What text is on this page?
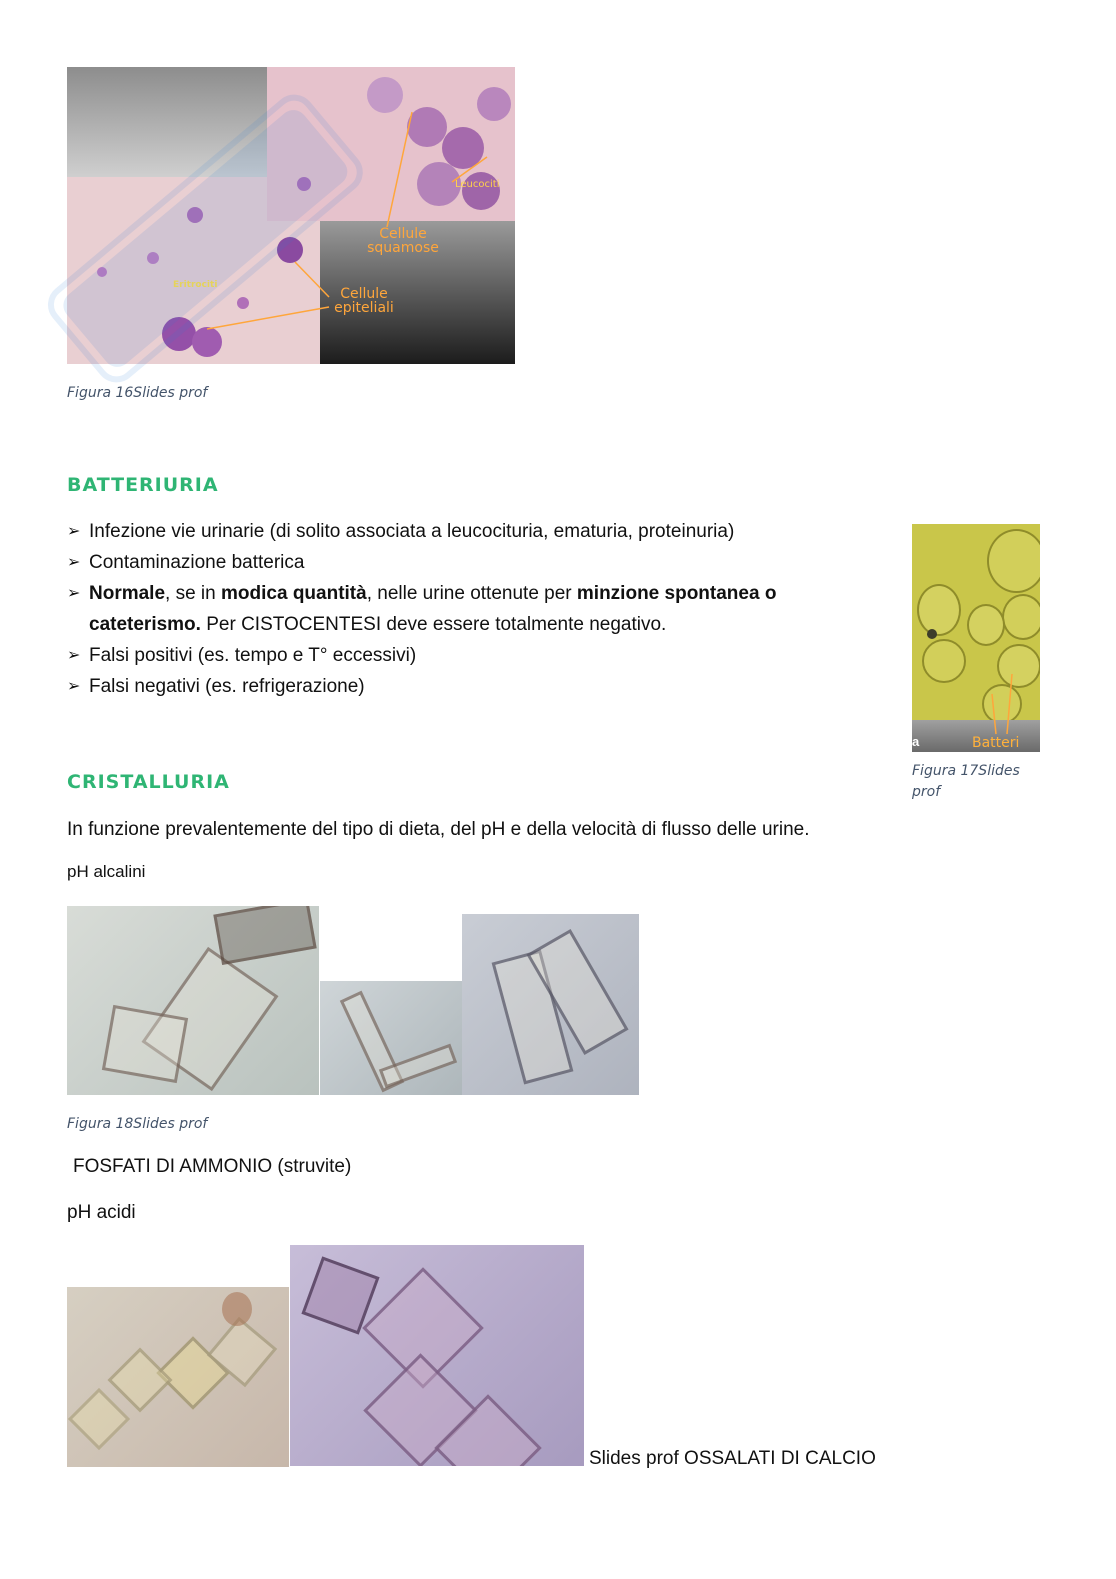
Leucociti
Cellule squamose
Eritrociti
Cellule epiteliali
Figura 16Slides prof
BATTERIURIA
➢ Infezione vie urinarie (di solito associata a leucocituria, ematuria, proteinuria)
➢ Contaminazione batterica
➢ Normale, se in modica quantità, nelle urine ottenute per minzione spontanea o cateterismo. Per CISTOCENTESI deve essere totalmente negativo.
➢ Falsi positivi (es. tempo e T° eccessivi)
➢ Falsi negativi (es. refrigerazione)
a	Batteri
Figura 17Slides prof
CRISTALLURIA
In funzione prevalentemente del tipo di dieta, del pH e della velocità di flusso delle urine.
pH alcalini
Figura 18Slides prof
FOSFATI DI AMMONIO (struvite)
pH acidi
Slides prof OSSALATI DI CALCIO
